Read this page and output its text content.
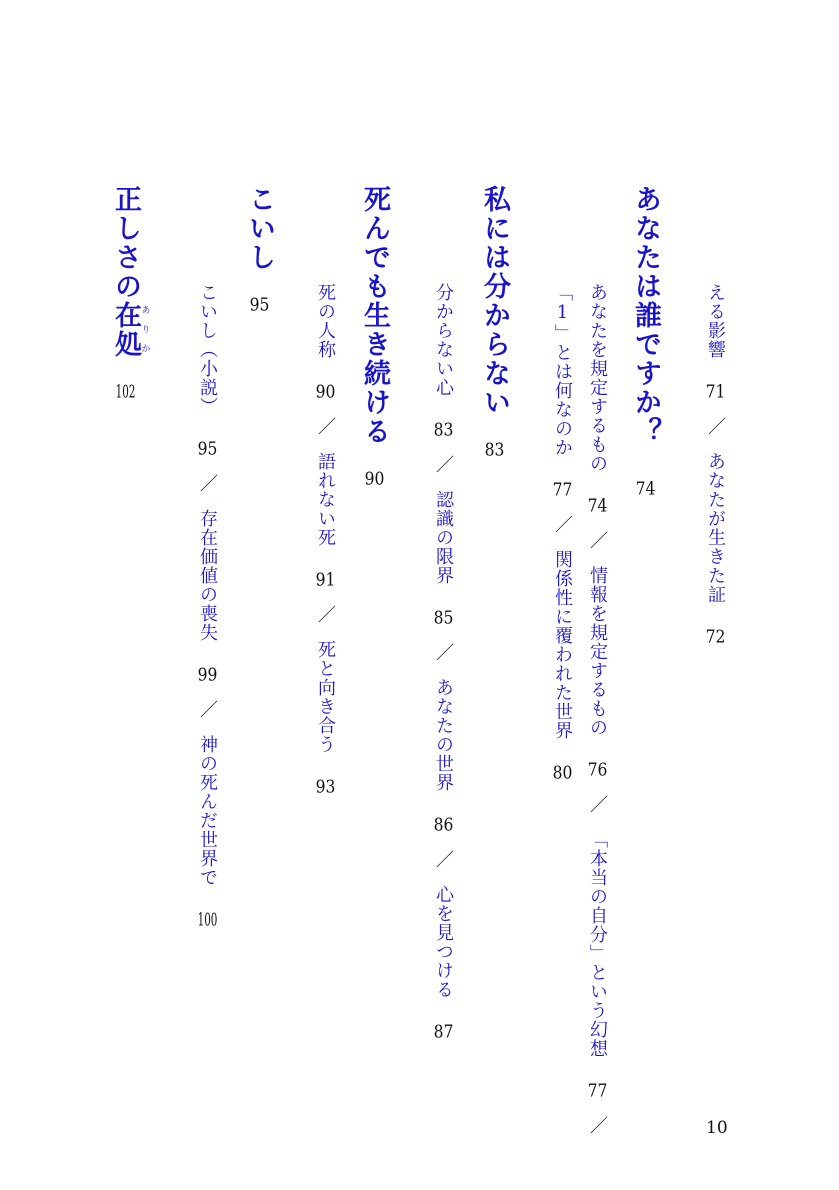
える影響71／あなたが生きた証72
あなたは誰ですか？74
あなたを規定するもの74／情報を規定するもの76／「本当の自分」という幻想77／
「1」とは何なのか77／関係性に覆われた世界80
私には分からない83
分からない心83／認識の限界85／あなたの世界86／心を見つける87
死んでも生き続ける90
死の人称90／語れない死91／死と向き合う93
こいし95
こいし（小説）95／存在価値の喪失99／神の死んだ世界で100
正しさの在処ありか102
10
